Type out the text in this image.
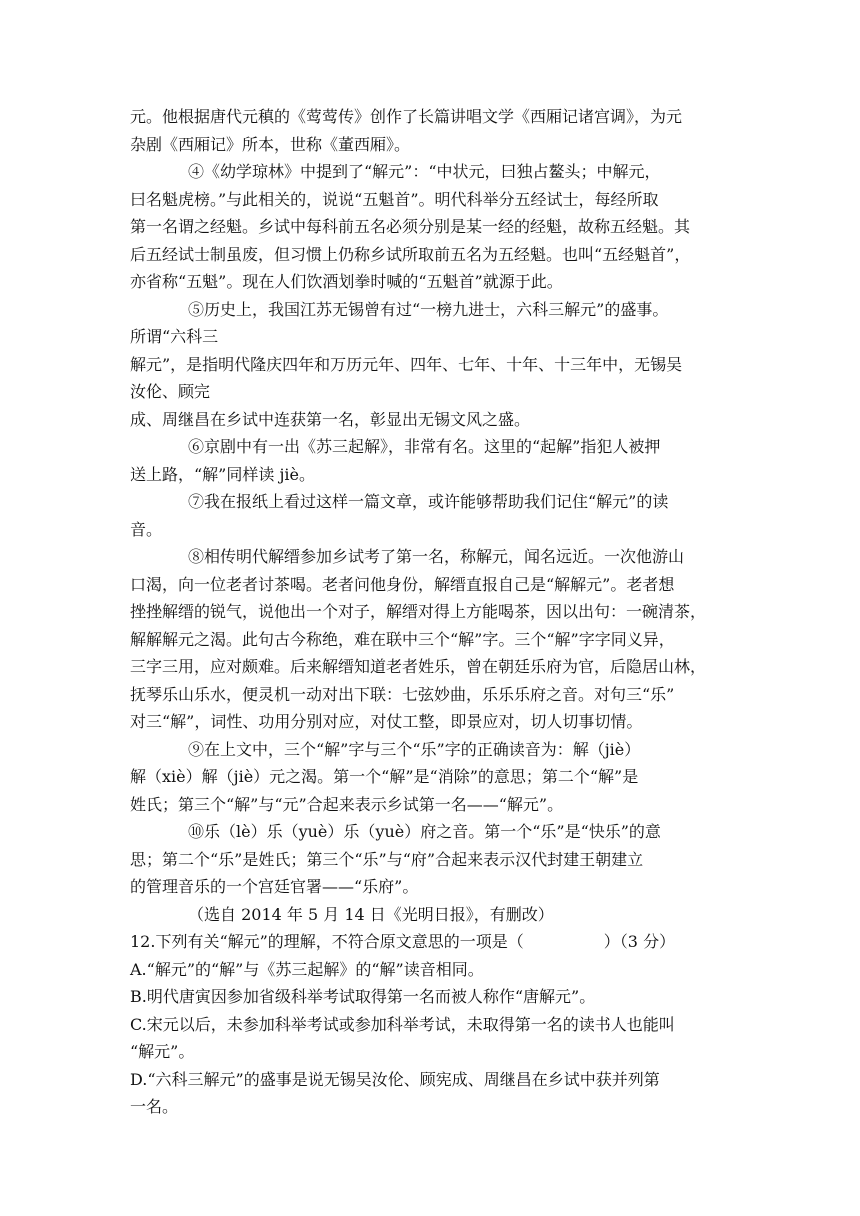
元。他根据唐代元稹的《莺莺传》创作了长篇讲唱文学《西厢记诸宫调》，为元
杂剧《西厢记》所本，世称《董西厢》。
④《幼学琼林》中提到了“解元”：“中状元，曰独占鳌头；中解元，
曰名魁虎榜。”与此相关的，说说“五魁首”。明代科举分五经试士，每经所取
第一名谓之经魁。乡试中每科前五名必须分别是某一经的经魁，故称五经魁。其
后五经试士制虽废，但习惯上仍称乡试所取前五名为五经魁。也叫“五经魁首”，
亦省称“五魁”。现在人们饮酒划拳时喊的“五魁首”就源于此。
⑤历史上，我国江苏无锡曾有过“一榜九进士，六科三解元”的盛事。
所谓“六科三
解元”，是指明代隆庆四年和万历元年、四年、七年、十年、十三年中，无锡吴
汝伦、顾完
成、周继昌在乡试中连获第一名，彰显出无锡文风之盛。
⑥京剧中有一出《苏三起解》，非常有名。这里的“起解”指犯人被押
送上路，“解”同样读 jiè。
⑦我在报纸上看过这样一篇文章，或许能够帮助我们记住“解元”的读
音。
⑧相传明代解缙参加乡试考了第一名，称解元，闻名远近。一次他游山
口渴，向一位老者讨茶喝。老者问他身份，解缙直报自己是“解解元”。老者想
挫挫解缙的锐气，说他出一个对子，解缙对得上方能喝茶，因以出句：一碗清茶，
解解解元之渴。此句古今称绝，难在联中三个“解”字。三个“解”字字同义异，
三字三用，应对颇难。后来解缙知道老者姓乐，曾在朝廷乐府为官，后隐居山林，
抚琴乐山乐水，便灵机一动对出下联：七弦妙曲，乐乐乐府之音。对句三“乐”
对三“解”，词性、功用分别对应，对仗工整，即景应对，切人切事切情。
⑨在上文中，三个“解”字与三个“乐”字的正确读音为：解（jiè）
解（xiè）解（jiè）元之渴。第一个“解”是“消除”的意思；第二个“解”是
姓氏；第三个“解”与“元”合起来表示乡试第一名——“解元”。
⑩乐（lè）乐（yuè）乐（yuè）府之音。第一个“乐”是“快乐”的意
思；第二个“乐”是姓氏；第三个“乐”与“府”合起来表示汉代封建王朝建立
的管理音乐的一个宫廷官署——“乐府”。
（选自 2014 年 5 月 14 日《光明日报》，有删改）
12.下列有关“解元”的理解，不符合原文意思的一项是（　　　　　）（3 分）
A.“解元”的“解”与《苏三起解》的“解”读音相同。
B.明代唐寅因参加省级科举考试取得第一名而被人称作“唐解元”。
C.宋元以后，未参加科举考试或参加科举考试，未取得第一名的读书人也能叫
“解元”。
D.“六科三解元”的盛事是说无锡吴汝伦、顾宪成、周继昌在乡试中获并列第
一名。
